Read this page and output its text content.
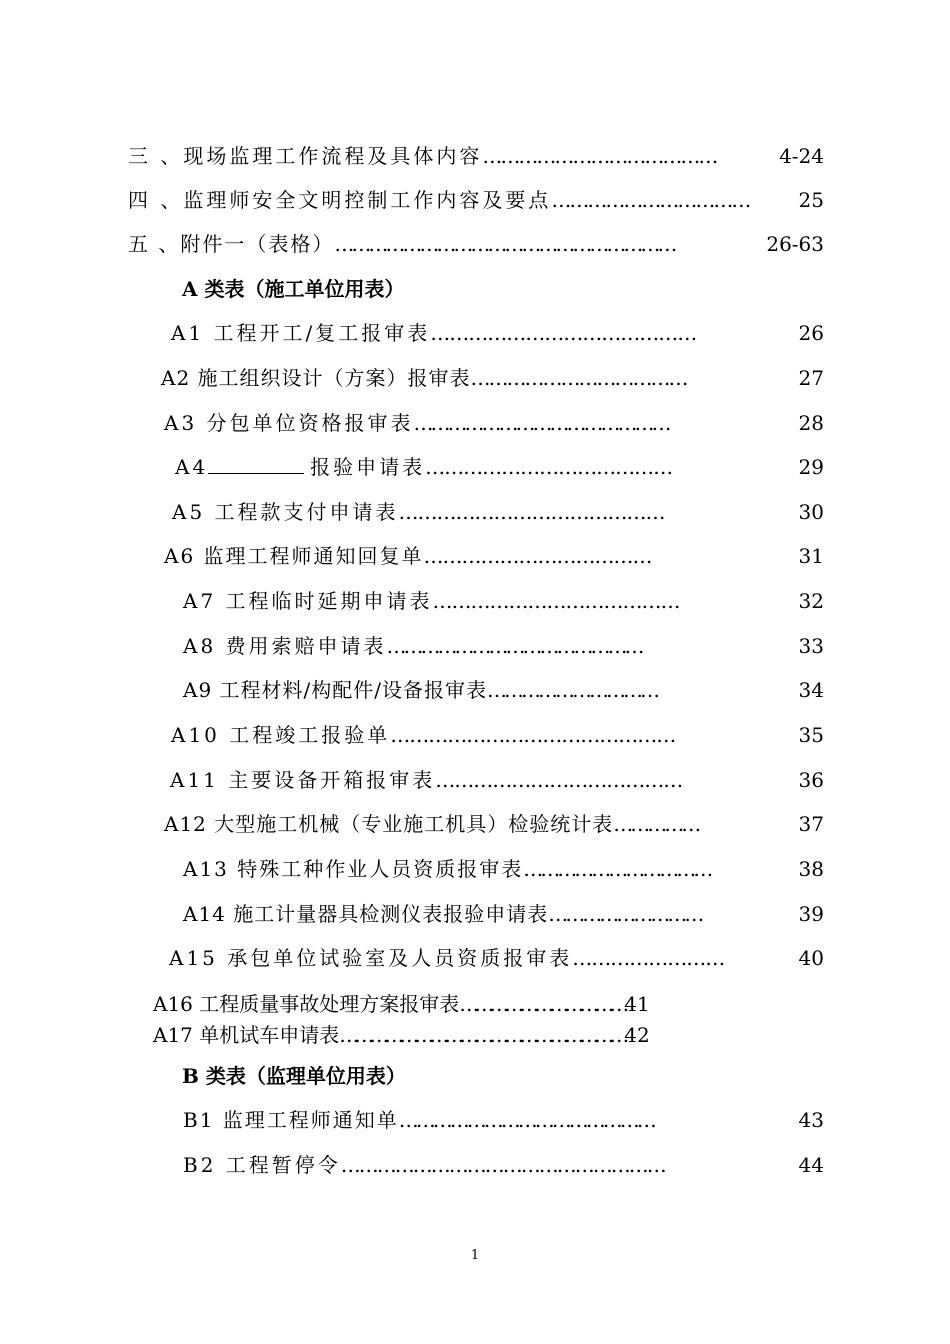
三 、现场监理工作流程及具体内容…………………………………	4-24
四 、监理师安全文明控制工作内容及要点…………………………… 25
五 、附件一（表格）……………………………………………………	26-63
A 类表（施工单位用表）
A1 工程开工/复工报审表……………………………………	26
A2 施工组织设计（方案）报审表………………………………	27
A3 分包单位资格报审表………………………………………	28
A4	报验申请表…………………………………	29
A5 工程款支付申请表……………………………………	30
A6 监理工程师通知回复单………………………………	31
A7 工程临时延期申请表…………………………………	32
A8 费用索赔申请表………………………………………	33
A9 工程材料/构配件/设备报审表…………………………	34
A10 工程竣工报验单………………………………………	35
A11 主要设备开箱报审表…………………………………	36
A12 大型施工机械（专业施工机具）检验统计表……………	37
A13 特殊工种作业人员资质报审表……………………………	38
A14 施工计量器具检测仪表报验申请表………………………	39
A15 承包单位试验室及人员资质报审表……………………	40
A16 工程质量事故处理方案报审表……………………………41
A17 单机试车申请表…………………………………………………42
B 类表（监理单位用表）
B1 监理工程师通知单………………………………………	43
B2 工程暂停令………………………………………………	44
1
